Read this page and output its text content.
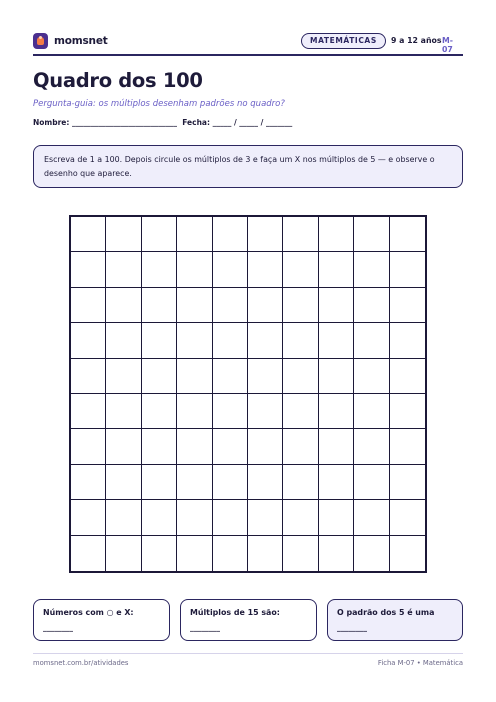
momsnet	MATEMÁTICAS	9 a 12 años M-07
Quadro dos 100

Pergunta-guia: os múltiplos desenham padrões no quadro?

Nombre: ____________________________  Fecha: _____ / _____ / _______

Escreva de 1 a 100. Depois circule os múltiplos de 3 e faça um X nos múltiplos de 5 — e observe o desenho que aparece.
Números com ○ e X:
________
Múltiplos de 15 são:
________
O padrão dos 5 é uma
________
momsnet.com.br/atividades	Ficha M-07 • Matemática
